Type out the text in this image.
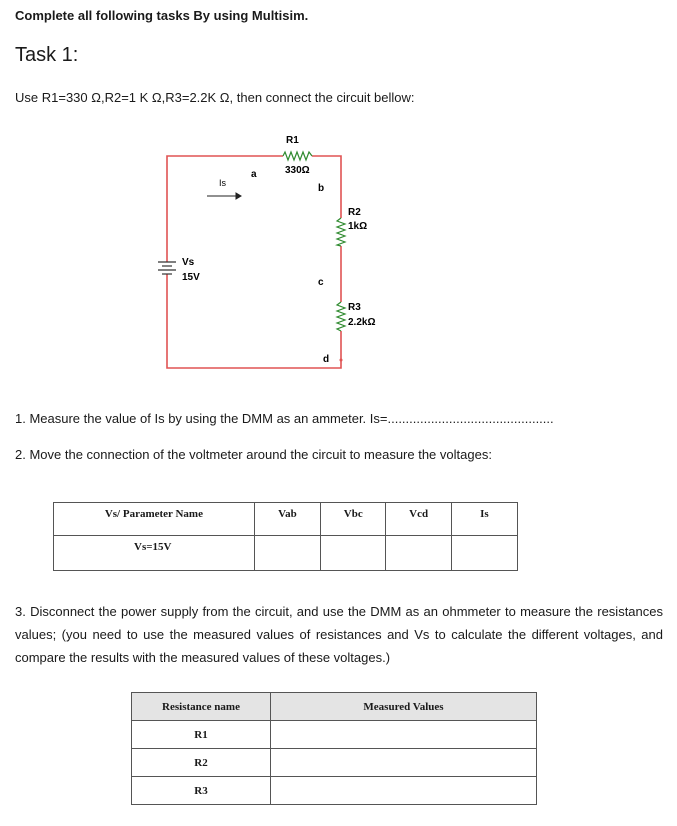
Complete all following tasks By using Multisim.
Task 1:
Use R1=330 Ω,R2=1 K Ω,R3=2.2K Ω, then connect the circuit bellow:
R1
330Ω
R2
1kΩ
R3
2.2kΩ
Vs
15V
Is
a
b
c
d
1. Measure the value of Is by using the DMM as an ammeter. Is=..............................................
2. Move the connection of the voltmeter around the circuit to measure the voltages:
Vs/ Parameter Name	Vab	Vbc	Vcd	Is
Vs=15V				
3. Disconnect the power supply from the circuit, and use the DMM as an ohmmeter to measure the resistances values; (you need to use the measured values of resistances and Vs to calculate the different voltages, and compare the results with the measured values of these voltages.)
Resistance name	Measured Values
R1	
R2	
R3	
